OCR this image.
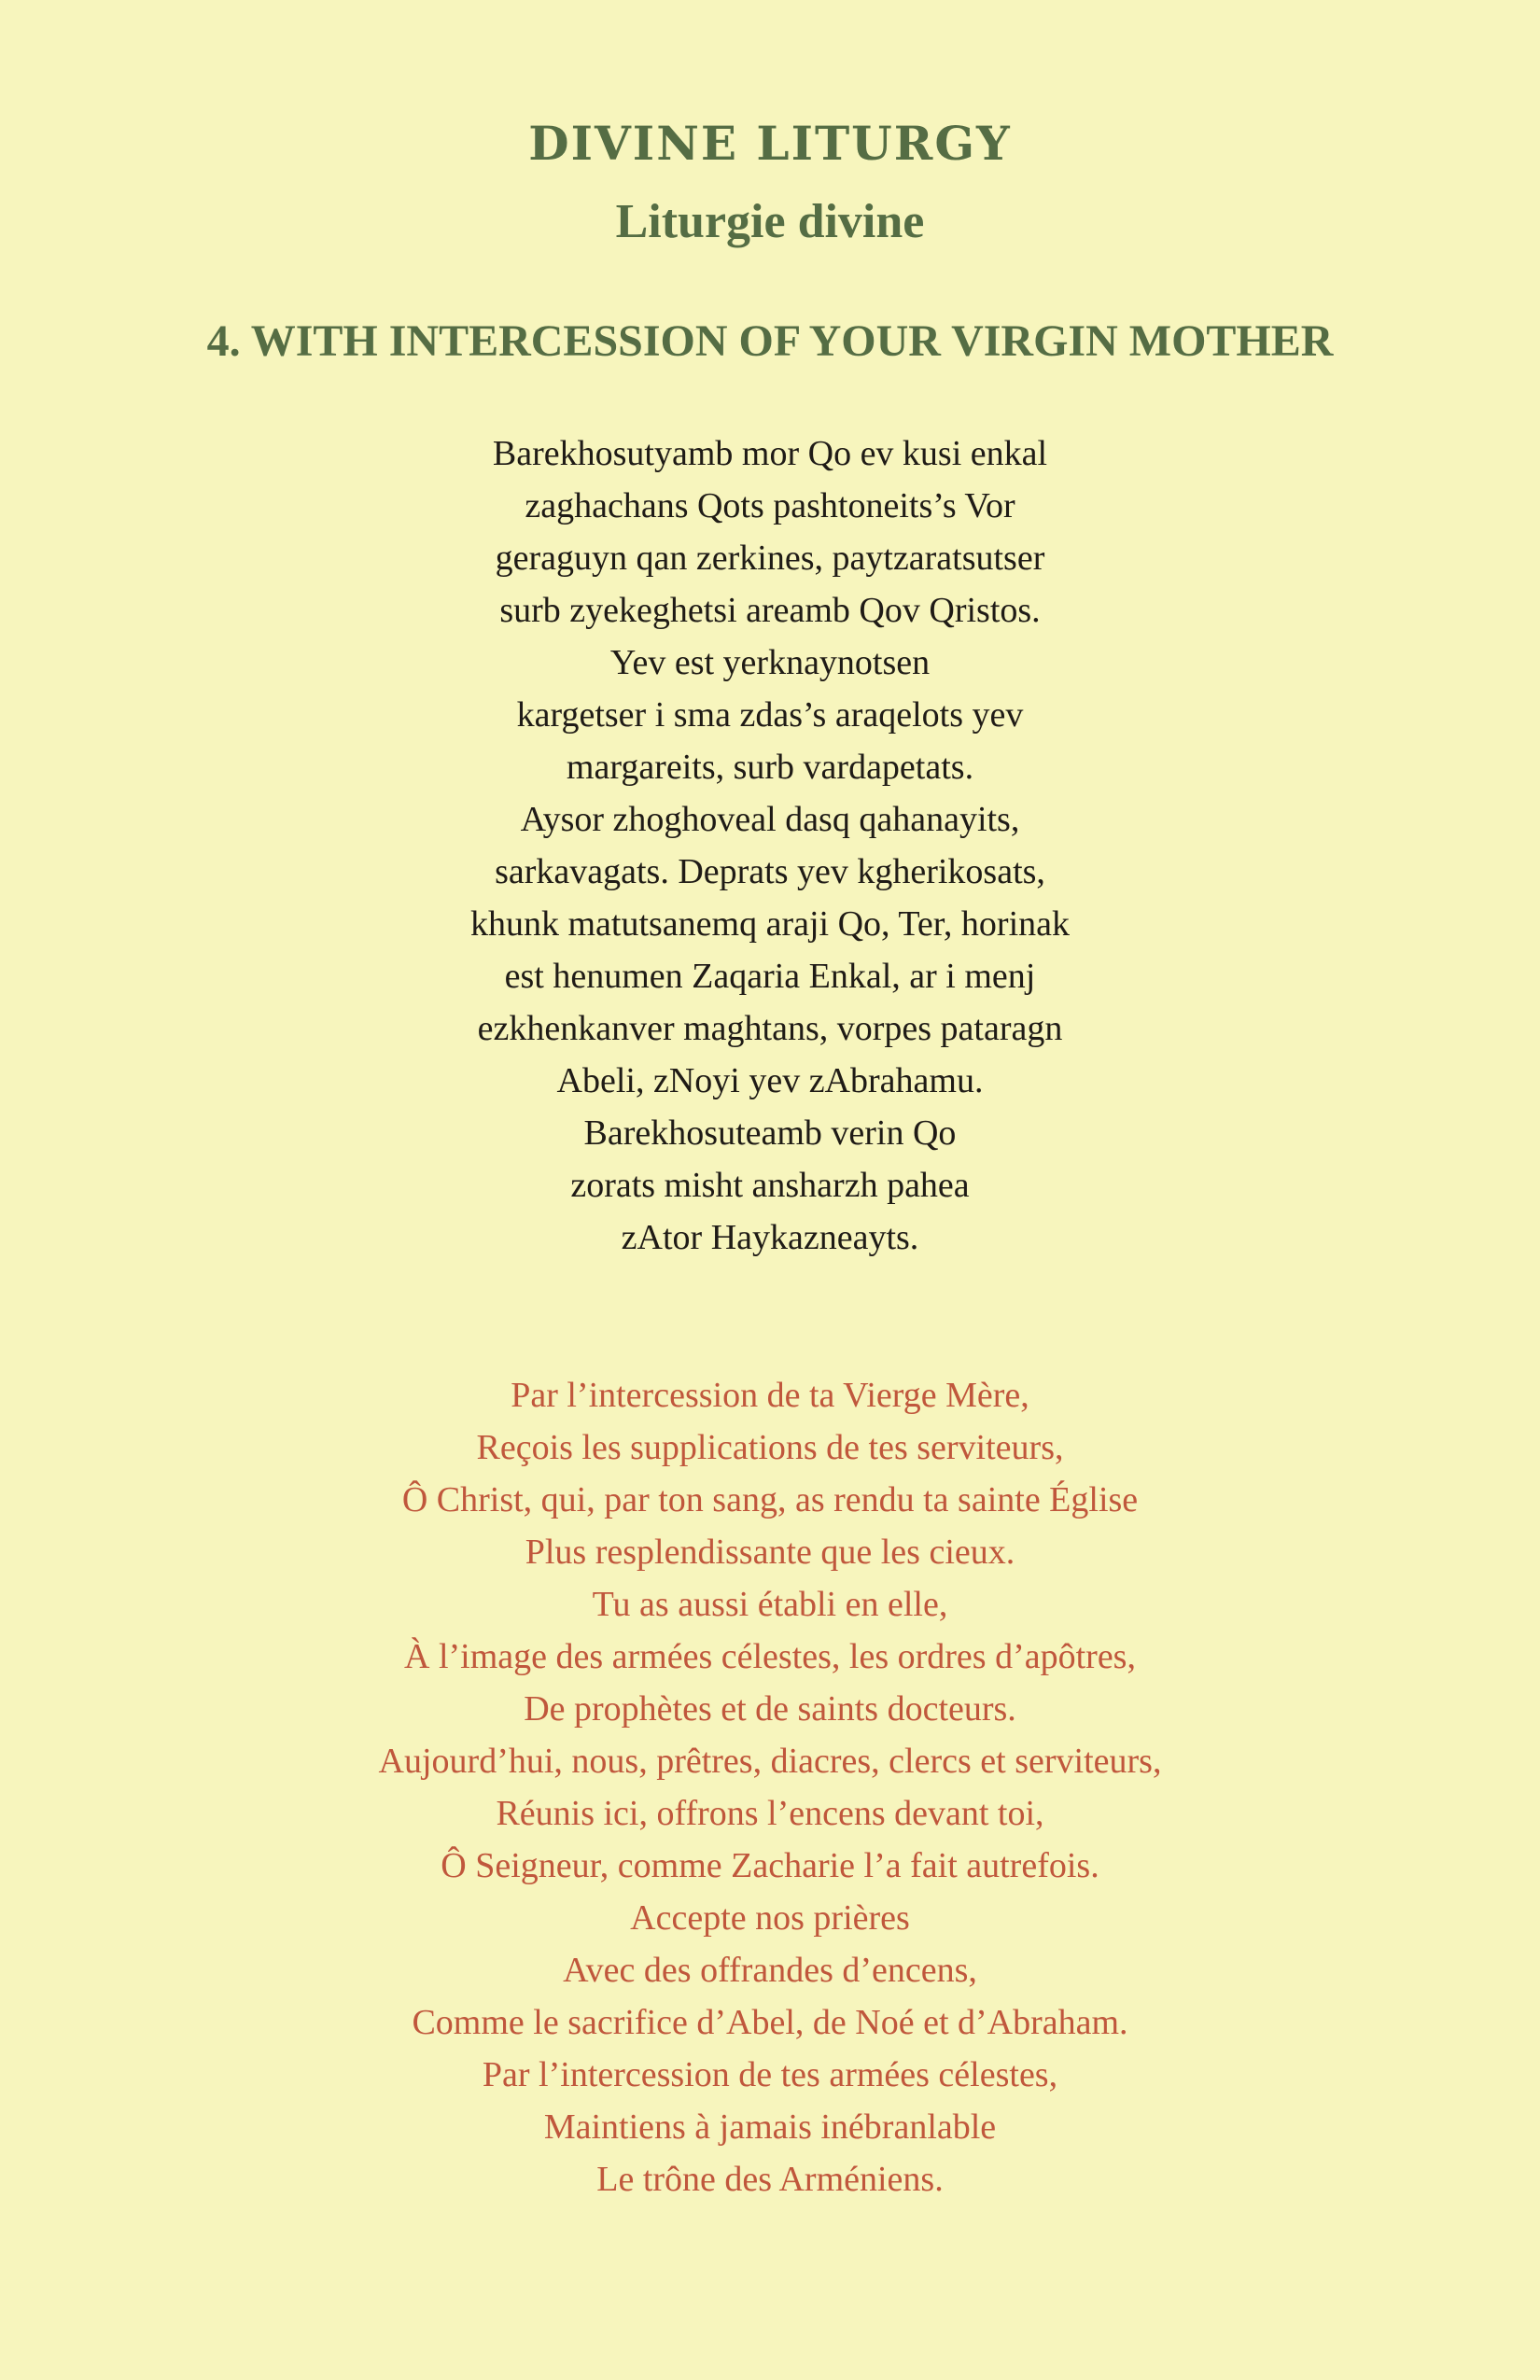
DIVINE LITURGY
Liturgie divine
4. WITH INTERCESSION OF YOUR VIRGIN MOTHER
Barekhosutyamb mor Qo ev kusi enkal
zaghachans Qots pashtoneits’s Vor
geraguyn qan zerkines, paytzaratsutser
surb zyekeghetsi areamb Qov Qristos.
Yev est yerknaynotsen
kargetser i sma zdas’s araqelots yev
margareits, surb vardapetats.
Aysor zhoghoveal dasq qahanayits,
sarkavagats. Deprats yev kgherikosats,
khunk matutsanemq araji Qo, Ter, horinak
est henumen Zaqaria Enkal, ar i menj
ezkhenkanver maghtans, vorpes pataragn
Abeli, zNoyi yev zAbrahamu.
Barekhosuteamb verin Qo
zorats misht ansharzh pahea
zAtor Haykazneayts.
Par l’intercession de ta Vierge Mère,
Reçois les supplications de tes serviteurs,
Ô Christ, qui, par ton sang, as rendu ta sainte Église
Plus resplendissante que les cieux.
Tu as aussi établi en elle,
À l’image des armées célestes, les ordres d’apôtres,
De prophètes et de saints docteurs.
Aujourd’hui, nous, prêtres, diacres, clercs et serviteurs,
Réunis ici, offrons l’encens devant toi,
Ô Seigneur, comme Zacharie l’a fait autrefois.
Accepte nos prières
Avec des offrandes d’encens,
Comme le sacrifice d’Abel, de Noé et d’Abraham.
Par l’intercession de tes armées célestes,
Maintiens à jamais inébranlable
Le trône des Arméniens.
